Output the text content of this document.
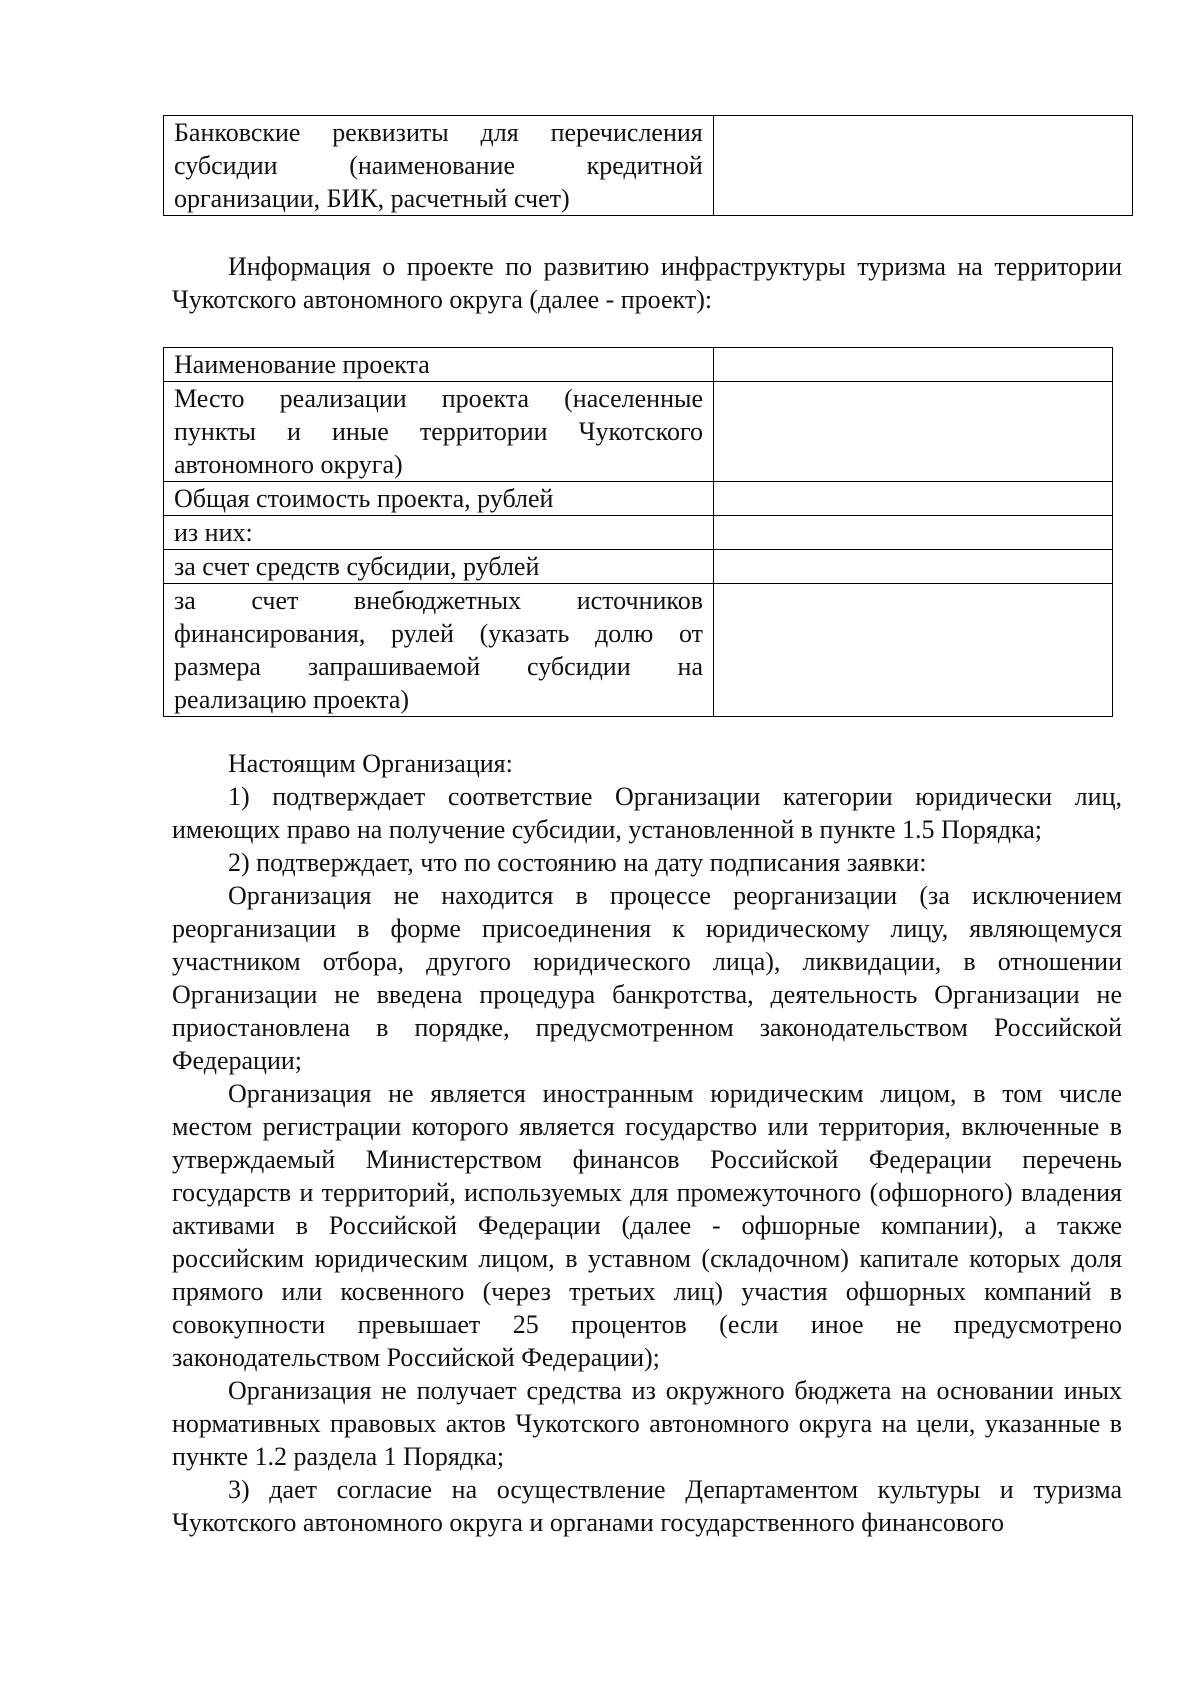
Банковские реквизиты для перечисления субсидии (наименование кредитной организации, БИК, расчетный счет)	
Информация о проекте по развитию инфраструктуры туризма на территории Чукотского автономного округа (далее - проект):
Наименование проекта	
Место реализации проекта (населенные пункты и иные территории Чукотского автономного округа)	
Общая стоимость проекта, рублей	
из них:	
за счет средств субсидии, рублей	
за счет внебюджетных источников финансирования, рулей (указать долю от размера запрашиваемой субсидии на реализацию проекта)	

Настоящим Организация:

1) подтверждает соответствие Организации категории юридически лиц, имеющих право на получение субсидии, установленной в пункте 1.5 Порядка;

2) подтверждает, что по состоянию на дату подписания заявки:

Организация не находится в процессе реорганизации (за исключением реорганизации в форме присоединения к юридическому лицу, являющемуся участником отбора, другого юридического лица), ликвидации, в отношении Организации не введена процедура банкротства, деятельность Организации не приостановлена в порядке, предусмотренном законодательством Российской Федерации;

Организация не является иностранным юридическим лицом, в том числе местом регистрации которого является государство или территория, включенные в утверждаемый Министерством финансов Российской Федерации перечень государств и территорий, используемых для промежуточного (офшорного) владения активами в Российской Федерации (далее - офшорные компании), а также российским юридическим лицом, в уставном (складочном) капитале которых доля прямого или косвенного (через третьих лиц) участия офшорных компаний в совокупности превышает 25 процентов (если иное не предусмотрено законодательством Российской Федерации);

Организация не получает средства из окружного бюджета на основании иных нормативных правовых актов Чукотского автономного округа на цели, указанные в пункте 1.2 раздела 1 Порядка;

3) дает согласие на осуществление Департаментом культуры и туризма Чукотского автономного округа и органами государственного финансового
